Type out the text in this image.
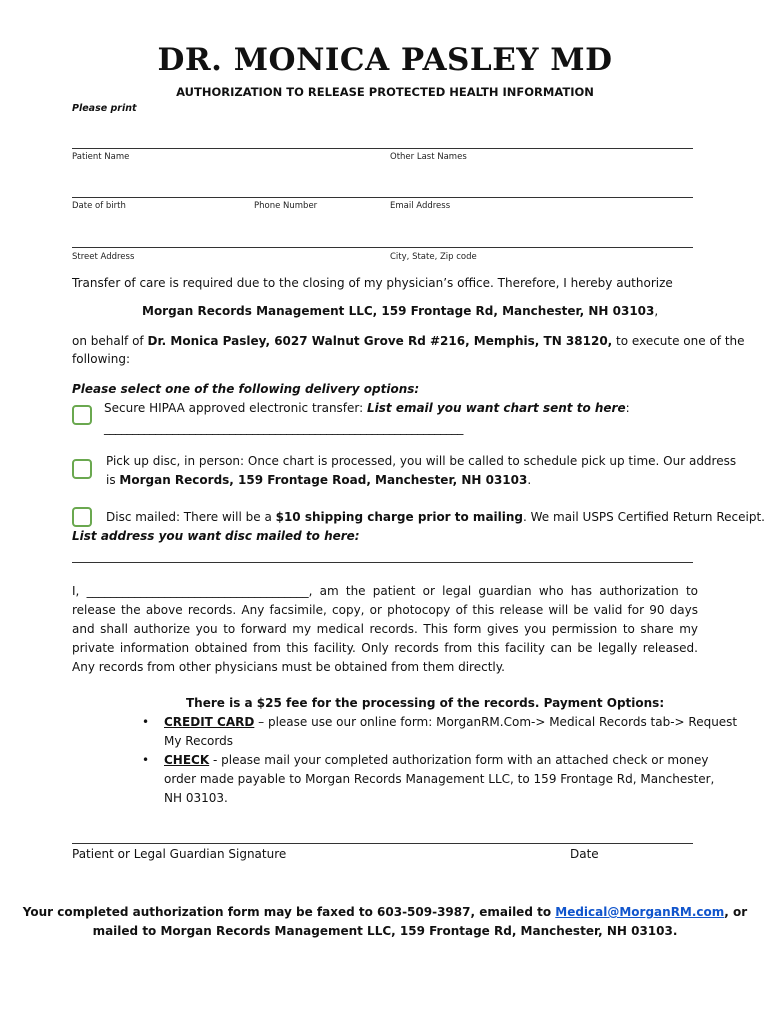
DR. MONICA PASLEY MD
AUTHORIZATION TO RELEASE PROTECTED HEALTH INFORMATION
Please print
Patient Name	Other Last Names
Date of birth	Phone Number	Email Address
Street Address	City, State, Zip code
Transfer of care is required due to the closing of my physician’s office. Therefore, I hereby authorize
Morgan Records Management LLC, 159 Frontage Rd, Manchester, NH 03103,
on behalf of Dr. Monica Pasley, 6027 Walnut Grove Rd #216, Memphis, TN 38120, to execute one of the
following:
Please select one of the following delivery options:
Secure HIPAA approved electronic transfer: List email you want chart sent to here:
_______________________________________________________________
Pick up disc, in person: Once chart is processed, you will be called to schedule pick up time. Our address
is Morgan Records, 159 Frontage Road, Manchester, NH 03103.
Disc mailed: There will be a $10 shipping charge prior to mailing. We mail USPS Certified Return Receipt.
List address you want disc mailed to here:
I, _____________________________________, am the patient or legal guardian who has authorization to release the above records. Any facsimile, copy, or photocopy of this release will be valid for 90 days and shall authorize you to forward my medical records. This form gives you permission to share my private information obtained from this facility. Only records from this facility can be legally released. Any records from other physicians must be obtained from them directly.
There is a $25 fee for the processing of the records. Payment Options:
• CREDIT CARD – please use our online form: MorganRM.Com-> Medical Records tab-> Request
My Records
• CHECK - please mail your completed authorization form with an attached check or money
order made payable to Morgan Records Management LLC, to 159 Frontage Rd, Manchester,
NH 03103.
Patient or Legal Guardian Signature	Date
Your completed authorization form may be faxed to 603-509-3987, emailed to Medical@MorganRM.com, or
mailed to Morgan Records Management LLC, 159 Frontage Rd, Manchester, NH 03103.
